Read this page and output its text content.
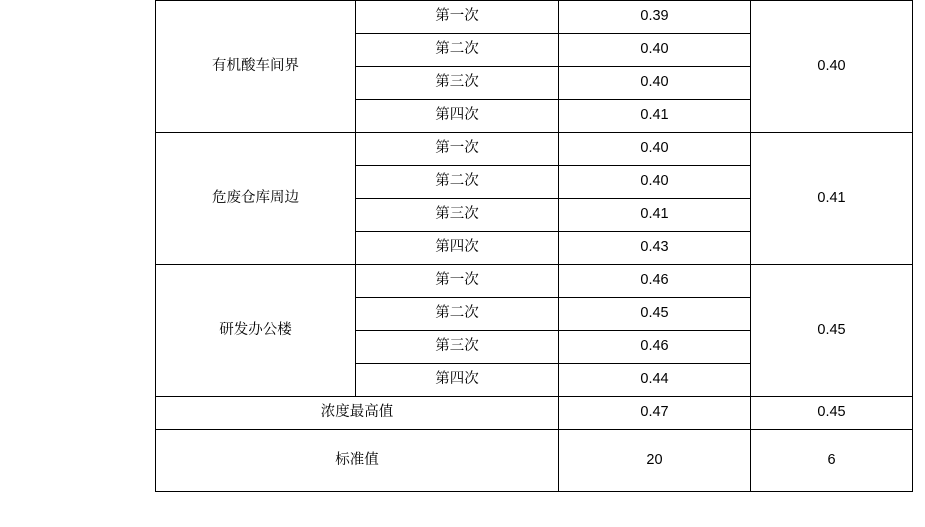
有机酸车间界	第一次	0.39	0.40
	第二次	0.40	
	第三次	0.40	
	第四次	0.41	
危废仓库周边	第一次	0.40	0.41
	第二次	0.40	
	第三次	0.41	
	第四次	0.43	
研发办公楼	第一次	0.46	0.45
	第二次	0.45	
	第三次	0.46	
	第四次	0.44	
浓度最高值		0.47	0.45
标准值		20	6
